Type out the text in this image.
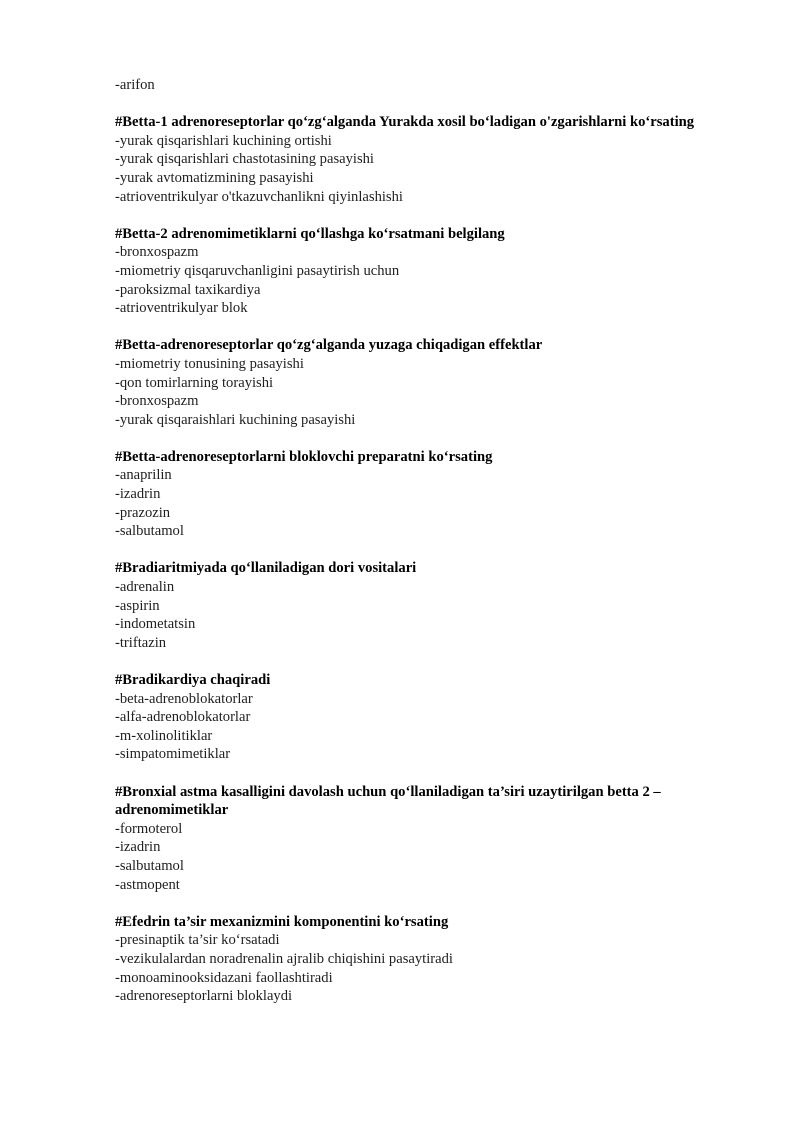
-arifon
#Betta-1 adrenoreseptorlar qo‘zg‘alganda Yurakda xosil bo‘ladigan o'zgarishlarni ko‘rsating
-yurak qisqarishlari kuchining ortishi
-yurak qisqarishlari chastotasining pasayishi
-yurak avtomatizmining pasayishi
-atrioventrikulyar o'tkazuvchanlikni qiyinlashishi
#Betta-2 adrenomimetiklarni qo‘llashga ko‘rsatmani belgilang
-bronxospazm
-miometriy qisqaruvchanligini pasaytirish uchun
-paroksizmal taxikardiya
-atrioventrikulyar blok
#Betta-adrenoreseptorlar qo‘zg‘alganda yuzaga chiqadigan effektlar
-miometriy tonusining pasayishi
-qon tomirlarning torayishi
-bronxospazm
-yurak qisqaraishlari kuchining pasayishi
#Betta-adrenoreseptorlarni bloklovchi preparatni ko‘rsating
-anaprilin
-izadrin
-prazozin
-salbutamol
#Bradiaritmiyada qo‘llaniladigan dori vositalari
-adrenalin
-aspirin
-indometatsin
-triftazin
#Bradikardiya chaqiradi
-beta-adrenoblokatorlar
-alfa-adrenoblokatorlar
-m-xolinolitiklar
-simpatomimetiklar
#Bronxial astma kasalligini davolash uchun qo‘llaniladigan ta’siri uzaytirilgan betta 2 – adrenomimetiklar
-formoterol
-izadrin
-salbutamol
-astmopent
#Efedrin ta’sir mexanizmini komponentini ko‘rsating
-presinaptik ta’sir ko‘rsatadi
-vezikulalardan noradrenalin ajralib chiqishini pasaytiradi
-monoaminooksidazani faollashtiradi
-adrenoreseptorlarni bloklaydi
